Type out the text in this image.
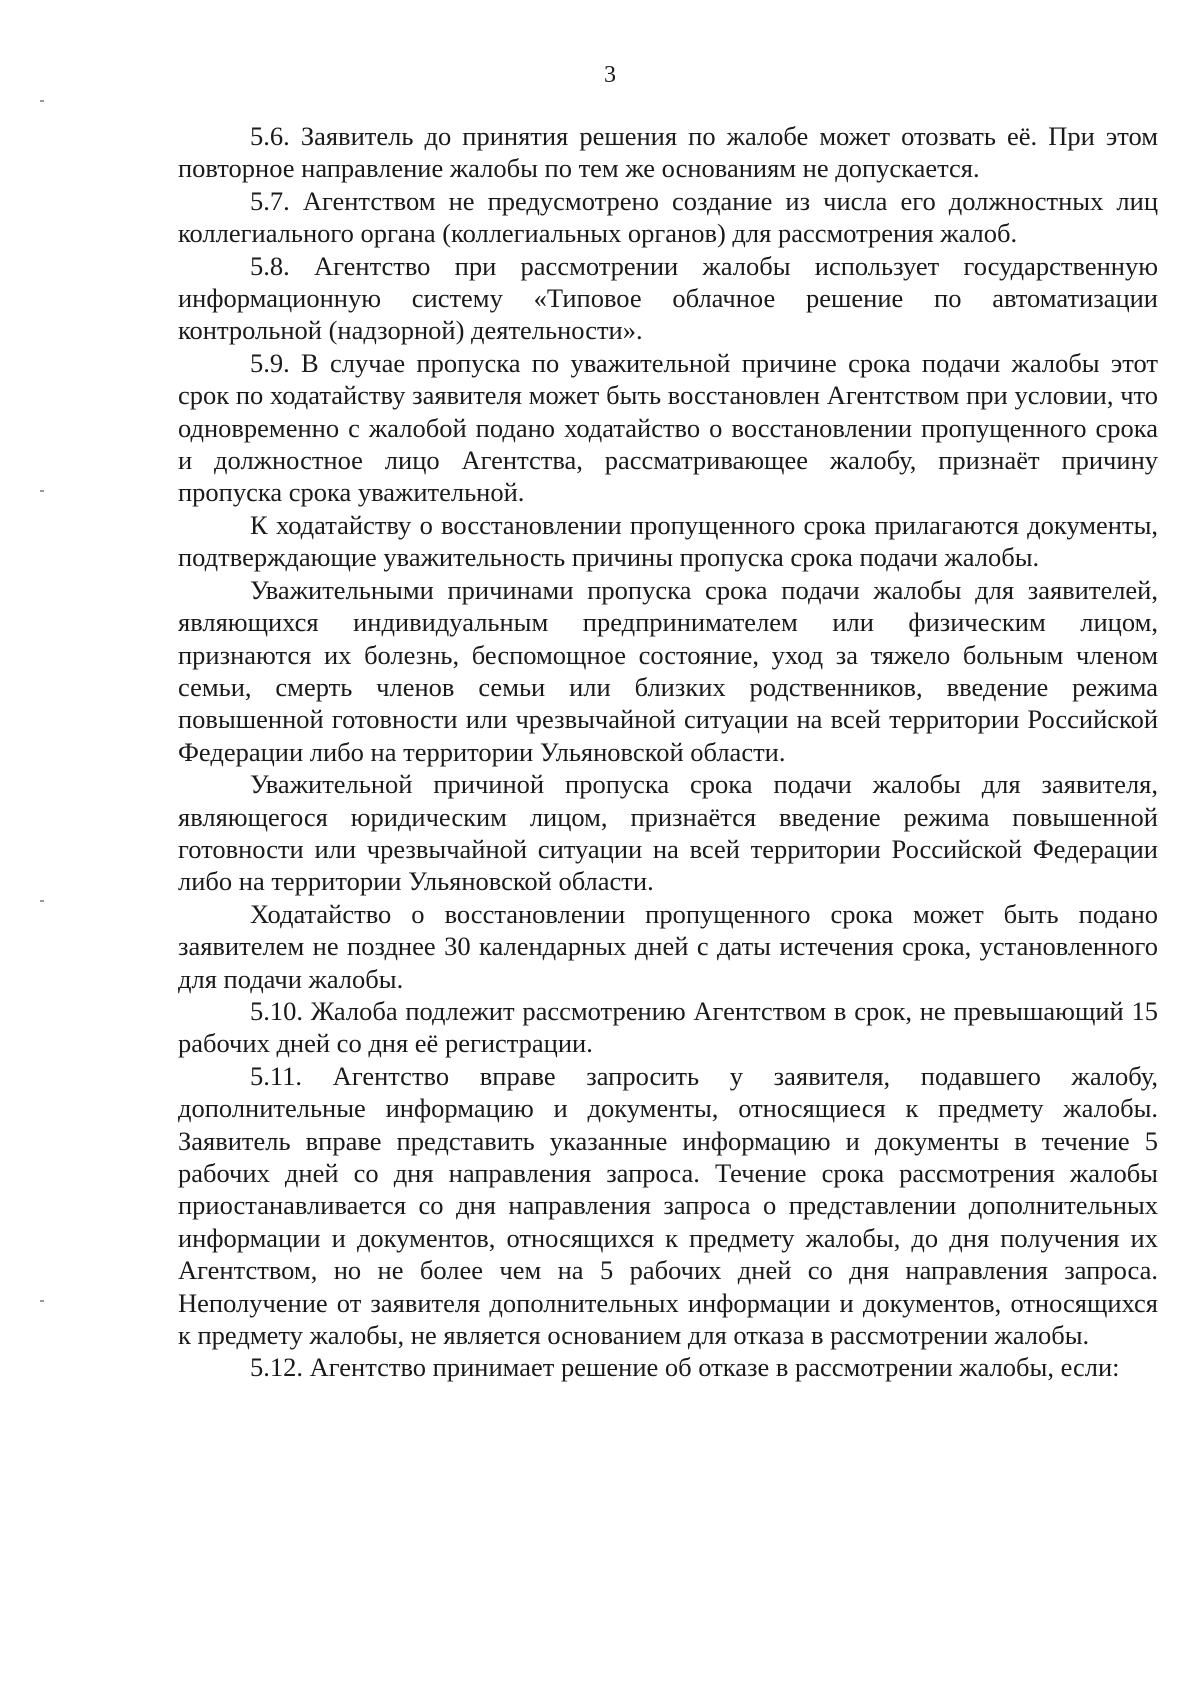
3

5.6. Заявитель до принятия решения по жалобе может отозвать её. При этом повторное направление жалобы по тем же основаниям не допускается.

5.7. Агентством не предусмотрено создание из числа его должностных лиц коллегиального органа (коллегиальных органов) для рассмотрения жалоб.

5.8. Агентство при рассмотрении жалобы использует государственную информационную систему «Типовое облачное решение по автоматизации контрольной (надзорной) деятельности».

5.9. В случае пропуска по уважительной причине срока подачи жалобы этот срок по ходатайству заявителя может быть восстановлен Агентством при условии, что одновременно с жалобой подано ходатайство о восстановлении пропущенного срока и должностное лицо Агентства, рассматривающее жалобу, признаёт причину пропуска срока уважительной.

К ходатайству о восстановлении пропущенного срока прилагаются документы, подтверждающие уважительность причины пропуска срока подачи жалобы.

Уважительными причинами пропуска срока подачи жалобы для заявителей, являющихся индивидуальным предпринимателем или физическим лицом, признаются их болезнь, беспомощное состояние, уход за тяжело больным членом семьи, смерть членов семьи или близких родственников, введение режима повышенной готовности или чрезвычайной ситуации на всей территории Российской Федерации либо на территории Ульяновской области.

Уважительной причиной пропуска срока подачи жалобы для заявителя, являющегося юридическим лицом, признаётся введение режима повышенной готовности или чрезвычайной ситуации на всей территории Российской Федерации либо на территории Ульяновской области.

Ходатайство о восстановлении пропущенного срока может быть подано заявителем не позднее 30 календарных дней с даты истечения срока, установленного для подачи жалобы.

5.10. Жалоба подлежит рассмотрению Агентством в срок, не превышающий 15 рабочих дней со дня её регистрации.

5.11. Агентство вправе запросить у заявителя, подавшего жалобу, дополнительные информацию и документы, относящиеся к предмету жалобы. Заявитель вправе представить указанные информацию и документы в течение 5 рабочих дней со дня направления запроса. Течение срока рассмотрения жалобы приостанавливается со дня направления запроса о представлении дополнительных информации и документов, относящихся к предмету жалобы, до дня получения их Агентством, но не более чем на 5 рабочих дней со дня направления запроса. Неполучение от заявителя дополнительных информации и документов, относящихся к предмету жалобы, не является основанием для отказа в рассмотрении жалобы.

5.12. Агентство принимает решение об отказе в рассмотрении жалобы, если:
